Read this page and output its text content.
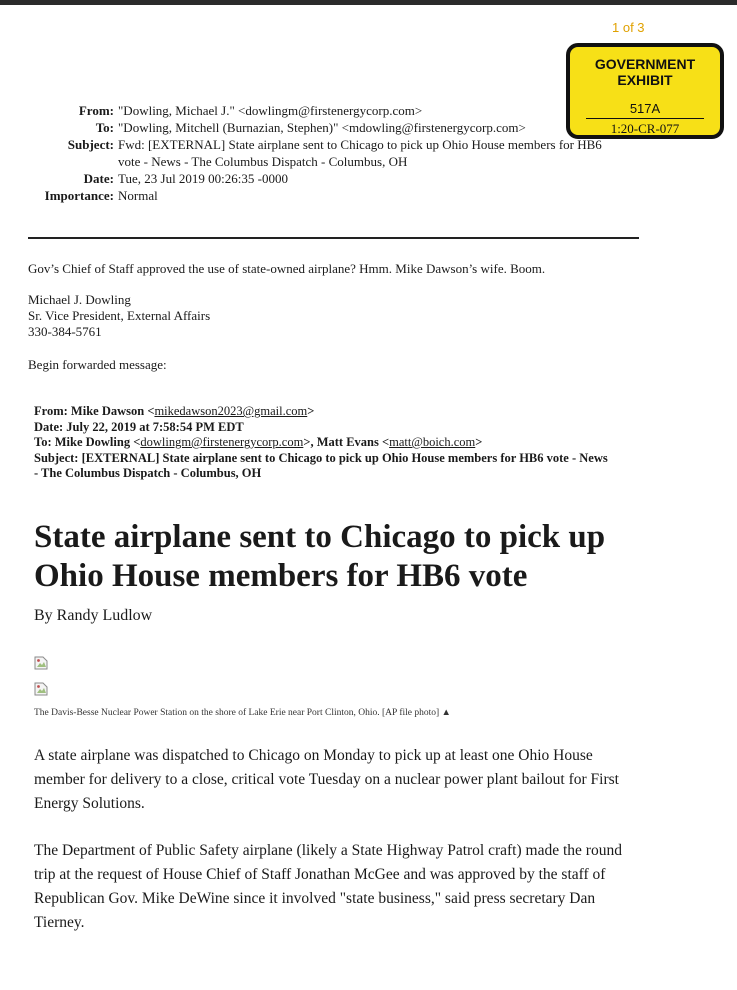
1 of 3
GOVERNMENT
EXHIBIT
517A
1:20-CR-077
From: "Dowling, Michael J." <dowlingm@firstenergycorp.com>
To: "Dowling, Mitchell (Burnazian, Stephen)" <mdowling@firstenergycorp.com>
Subject: Fwd: [EXTERNAL] State airplane sent to Chicago to pick up Ohio House members for HB6 vote - News - The Columbus Dispatch - Columbus, OH
Date: Tue, 23 Jul 2019 00:26:35 -0000
Importance: Normal
Gov’s Chief of Staff approved the use of state-owned airplane? Hmm. Mike Dawson’s wife. Boom.
Michael J. Dowling
Sr. Vice President, External Affairs
330-384-5761
Begin forwarded message:
From: Mike Dawson <mikedawson2023@gmail.com>
Date: July 22, 2019 at 7:58:54 PM EDT
To: Mike Dowling <dowlingm@firstenergycorp.com>, Matt Evans <matt@boich.com>
Subject: [EXTERNAL] State airplane sent to Chicago to pick up Ohio House members for HB6 vote - News - The Columbus Dispatch - Columbus, OH
State airplane sent to Chicago to pick up Ohio House members for HB6 vote
By Randy Ludlow
The Davis-Besse Nuclear Power Station on the shore of Lake Erie near Port Clinton, Ohio. [AP file photo] ▲

A state airplane was dispatched to Chicago on Monday to pick up at least one Ohio House member for delivery to a close, critical vote Tuesday on a nuclear power plant bailout for First Energy Solutions.

The Department of Public Safety airplane (likely a State Highway Patrol craft) made the round trip at the request of House Chief of Staff Jonathan McGee and was approved by the staff of Republican Gov. Mike DeWine since it involved "state business," said press secretary Dan Tierney.
